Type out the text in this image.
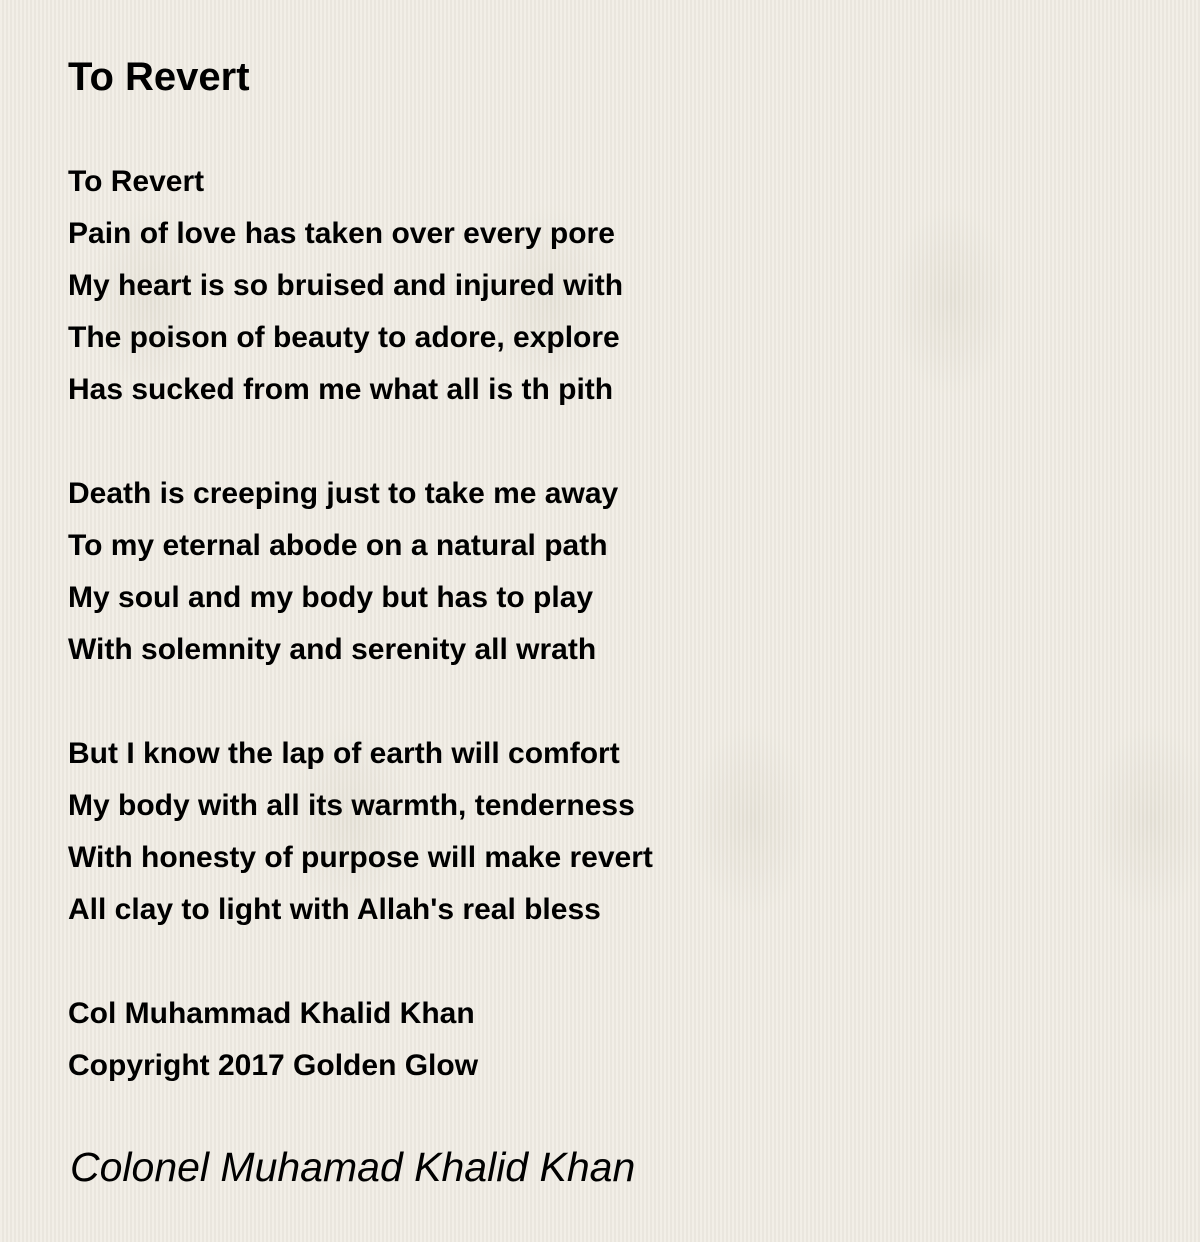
To Revert
To Revert
Pain of love has taken over every pore
My heart is so bruised and injured with
The poison of beauty to adore, explore
Has sucked from me what all is th pith
Death is creeping just to take me away
To my eternal abode on a natural path
My soul and my body but has to play
With solemnity and serenity all wrath
But I know the lap of earth will comfort
My body with all its warmth, tenderness
With honesty of purpose will make revert
All clay to light with Allah's real bless
Col Muhammad Khalid Khan
Copyright 2017 Golden Glow

Colonel Muhamad Khalid Khan
